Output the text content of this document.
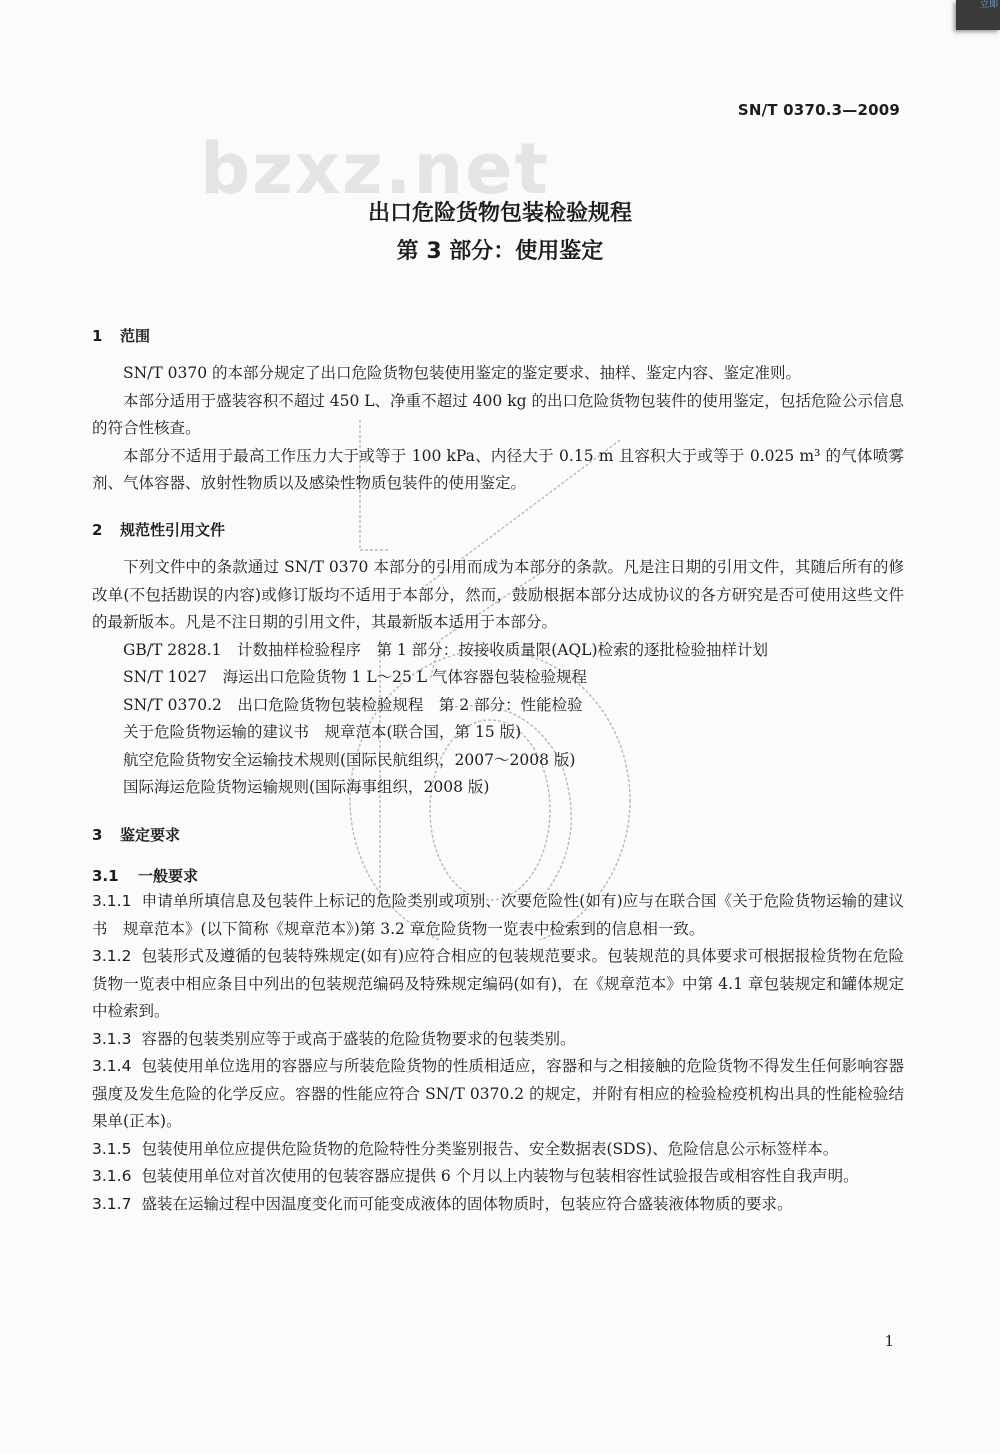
立即
SN/T 0370.3—2009
bzxz.net
出口危险货物包装检验规程
第 3 部分：使用鉴定
1 范围

SN/T 0370 的本部分规定了出口危险货物包装使用鉴定的鉴定要求、抽样、鉴定内容、鉴定准则。

本部分适用于盛装容积不超过 450 L、净重不超过 400 kg 的出口危险货物包装件的使用鉴定，包括危险公示信息的符合性核查。

本部分不适用于最高工作压力大于或等于 100 kPa、内径大于 0.15 m 且容积大于或等于 0.025 m³ 的气体喷雾剂、气体容器、放射性物质以及感染性物质包装件的使用鉴定。

2 规范性引用文件

下列文件中的条款通过 SN/T 0370 本部分的引用而成为本部分的条款。凡是注日期的引用文件，其随后所有的修改单(不包括勘误的内容)或修订版均不适用于本部分，然而，鼓励根据本部分达成协议的各方研究是否可使用这些文件的最新版本。凡是不注日期的引用文件，其最新版本适用于本部分。

GB/T 2828.1　计数抽样检验程序　第 1 部分：按接收质量限(AQL)检索的逐批检验抽样计划

SN/T 1027　海运出口危险货物 1 L～25 L 气体容器包装检验规程

SN/T 0370.2　出口危险货物包装检验规程　第 2 部分：性能检验

关于危险货物运输的建议书　规章范本(联合国，第 15 版)

航空危险货物安全运输技术规则(国际民航组织，2007～2008 版)

国际海运危险货物运输规则(国际海事组织，2008 版)

3 鉴定要求
3.1 一般要求

3.1.1 申请单所填信息及包装件上标记的危险类别或项别、次要危险性(如有)应与在联合国《关于危险货物运输的建议书　规章范本》(以下简称《规章范本》)第 3.2 章危险货物一览表中检索到的信息相一致。

3.1.2 包装形式及遵循的包装特殊规定(如有)应符合相应的包装规范要求。包装规范的具体要求可根据报检货物在危险货物一览表中相应条目中列出的包装规范编码及特殊规定编码(如有)，在《规章范本》中第 4.1 章包装规定和罐体规定中检索到。

3.1.3 容器的包装类别应等于或高于盛装的危险货物要求的包装类别。

3.1.4 包装使用单位选用的容器应与所装危险货物的性质相适应，容器和与之相接触的危险货物不得发生任何影响容器强度及发生危险的化学反应。容器的性能应符合 SN/T 0370.2 的规定，并附有相应的检验检疫机构出具的性能检验结果单(正本)。

3.1.5 包装使用单位应提供危险货物的危险特性分类鉴别报告、安全数据表(SDS)、危险信息公示标签样本。

3.1.6 包装使用单位对首次使用的包装容器应提供 6 个月以上内装物与包装相容性试验报告或相容性自我声明。

3.1.7 盛装在运输过程中因温度变化而可能变成液体的固体物质时，包装应符合盛装液体物质的要求。

1
